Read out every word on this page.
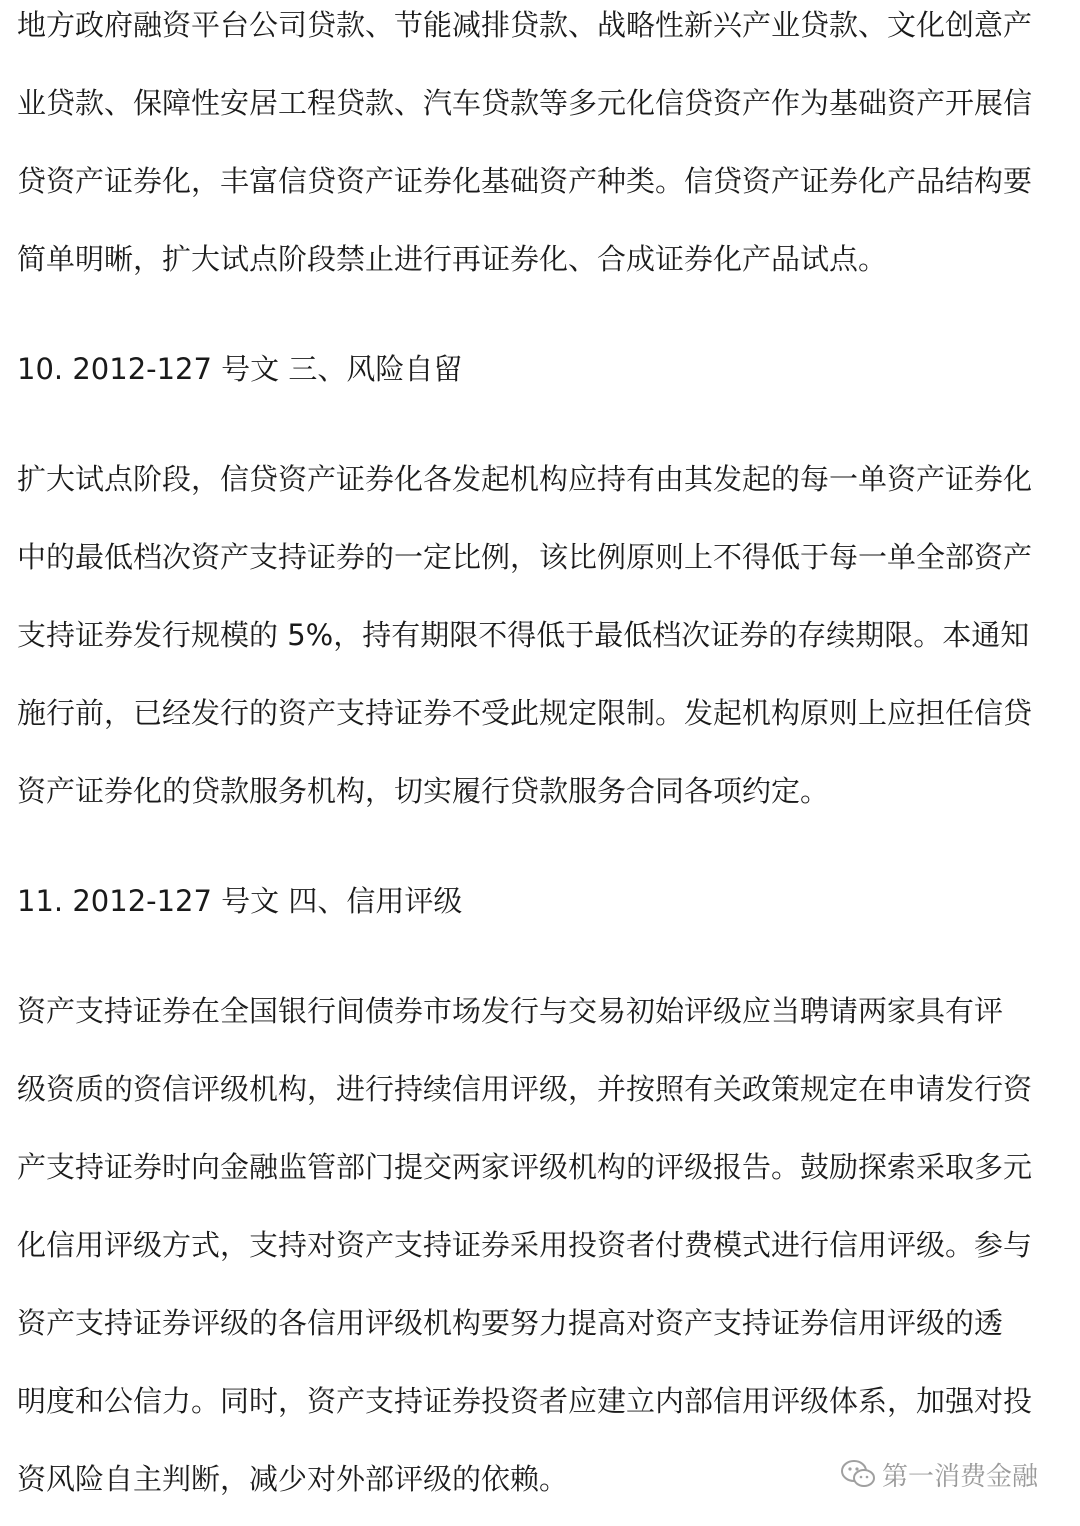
地方政府融资平台公司贷款、节能减排贷款、战略性新兴产业贷款、文化创意产
业贷款、保障性安居工程贷款、汽车贷款等多元化信贷资产作为基础资产开展信
贷资产证券化，丰富信贷资产证券化基础资产种类。信贷资产证券化产品结构要
简单明晰，扩大试点阶段禁止进行再证券化、合成证券化产品试点。
10. 2012-127 号文 三、风险自留
扩大试点阶段，信贷资产证券化各发起机构应持有由其发起的每一单资产证券化
中的最低档次资产支持证券的一定比例，该比例原则上不得低于每一单全部资产
支持证券发行规模的 5%，持有期限不得低于最低档次证券的存续期限。本通知
施行前，已经发行的资产支持证券不受此规定限制。发起机构原则上应担任信贷
资产证券化的贷款服务机构，切实履行贷款服务合同各项约定。
11. 2012-127 号文 四、信用评级
资产支持证券在全国银行间债券市场发行与交易初始评级应当聘请两家具有评
级资质的资信评级机构，进行持续信用评级，并按照有关政策规定在申请发行资
产支持证券时向金融监管部门提交两家评级机构的评级报告。鼓励探索采取多元
化信用评级方式，支持对资产支持证券采用投资者付费模式进行信用评级。参与
资产支持证券评级的各信用评级机构要努力提高对资产支持证券信用评级的透
明度和公信力。同时，资产支持证券投资者应建立内部信用评级体系，加强对投
资风险自主判断，减少对外部评级的依赖。	第一消费金融
